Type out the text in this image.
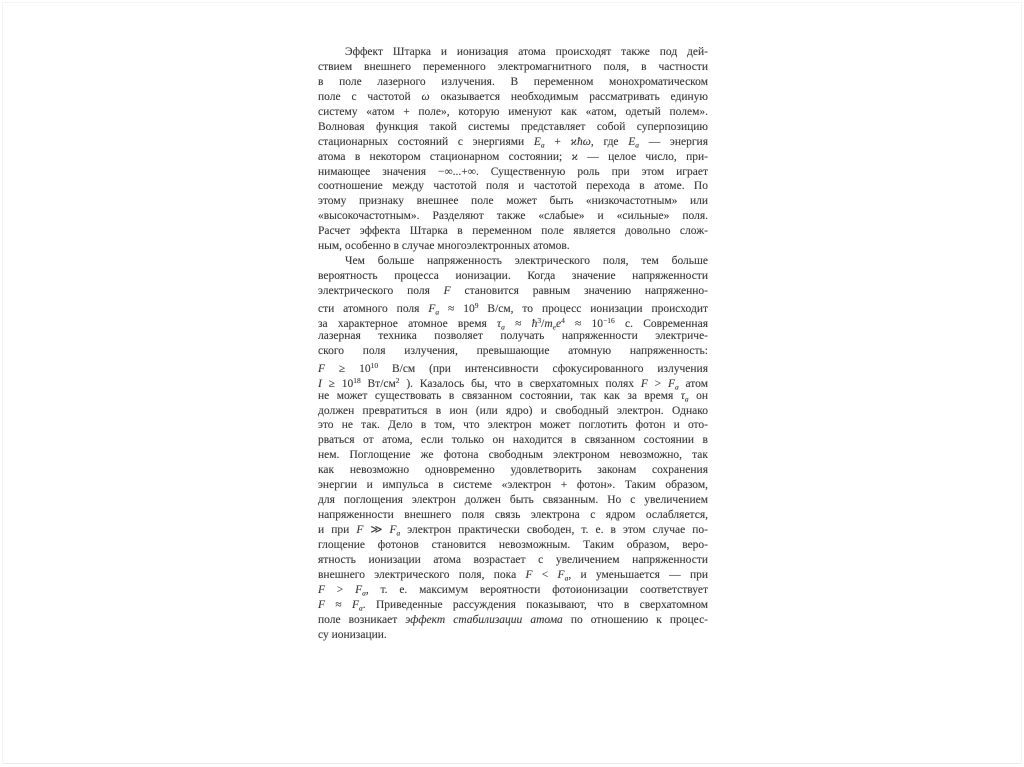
Эффект Штарка и ионизация атома происходят также под дей-
ствием внешнего переменного электромагнитного поля, в частности
в поле лазерного излучения. В переменном монохроматическом
поле с частотой ω оказывается необходимым рассматривать единую
систему «атом + поле», которую именуют как «атом, одетый полем».
Волновая функция такой системы представляет собой суперпозицию
стационарных состояний с энергиями $E_a$ + ϰħω, где $E_a$ — энергия
атома в некотором стационарном состоянии; ϰ — целое число, при-
нимающее значения −∞...+∞. Существенную роль при этом играет
соотношение между частотой поля и частотой перехода в атоме. По
этому признаку внешнее поле может быть «низкочастотным» или
«высокочастотным». Разделяют также «слабые» и «сильные» поля.
Расчет эффекта Штарка в переменном поле является довольно слож-
ным, особенно в случае многоэлектронных атомов.
Чем больше напряженность электрического поля, тем больше
вероятность процесса ионизации. Когда значение напряженности
электрического поля F становится равным значению напряженно-
сти атомного поля $F_a \approx 10^9$ В/см, то процесс ионизации происходит
за характерное атомное время $\tau_a$ ≈ $ħ^3/m_ee^4 \approx 10^{-16}$ с. Современная
лазерная техника позволяет получать напряженности электриче-
ского поля излучения, превышающие атомную напряженность:
$F \ge 10^{10}$ В/см (при интенсивности сфокусированного излучения
$I \ge 10^{18}$ $Вт/см^2$ ). Казалось бы, что в сверхатомных полях $F > F_a$ атом
не может существовать в связанном состоянии, так как за время $\tau_a$ он
должен превратиться в ион (или ядро) и свободный электрон. Однако
это не так. Дело в том, что электрон может поглотить фотон и ото-
рваться от атома, если только он находится в связанном состоянии в
нем. Поглощение же фотона свободным электроном невозможно, так
как невозможно одновременно удовлетворить законам сохранения
энергии и импульса в системе «электрон + фотон». Таким образом,
для поглощения электрон должен быть связанным. Но с увеличением
напряженности внешнего поля связь электрона с ядром ослабляется,
и при F ≫ $F_a$ электрон практически свободен, т. е. в этом случае по-
глощение фотонов становится невозможным. Таким образом, веро-
ятность ионизации атома возрастает с увеличением напряженности
внешнего электрического поля, пока $F < F_a$, и уменьшается — при
$F > F_a$, т. е. максимум вероятности фотоионизации соответствует
$F \approx F_a$. Приведенные рассуждения показывают, что в сверхатомном
поле возникает эффект стабилизации атома по отношению к процес-
су ионизации.
